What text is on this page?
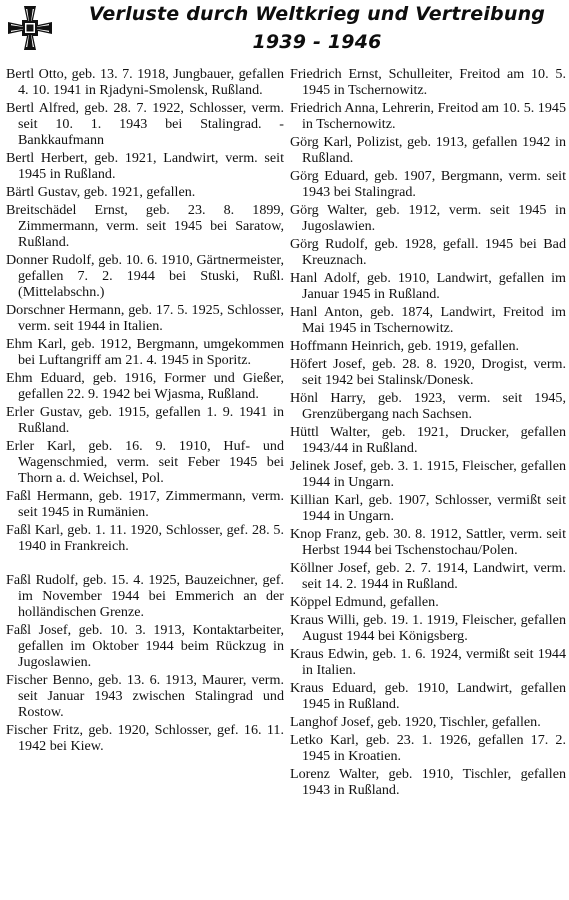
Verluste durch Weltkrieg und Vertreibung
1939 - 1946
Bertl Otto, geb. 13. 7. 1918, Jungbauer, gefallen 4. 10. 1941 in Rjadyni-Smolensk, Rußland.
Bertl Alfred, geb. 28. 7. 1922, Schlosser, verm. seit 10. 1. 1943 bei Stalingrad. -Bankkaufmann
Bertl Herbert, geb. 1921, Landwirt, verm. seit 1945 in Rußland.
Bärtl Gustav, geb. 1921, gefallen.
Breitschädel Ernst, geb. 23. 8. 1899, Zimmermann, verm. seit 1945 bei Saratow, Rußland.
Donner Rudolf, geb. 10. 6. 1910, Gärtnermeister, gefallen 7. 2. 1944 bei Stuski, Rußl. (Mittelabschn.)
Dorschner Hermann, geb. 17. 5. 1925, Schlosser, verm. seit 1944 in Italien.
Ehm Karl, geb. 1912, Bergmann, umgekommen bei Luftangriff am 21. 4. 1945 in Sporitz.
Ehm Eduard, geb. 1916, Former und Gießer, gefallen 22. 9. 1942 bei Wjasma, Rußland.
Erler Gustav, geb. 1915, gefallen 1. 9. 1941 in Rußland.
Erler Karl, geb. 16. 9. 1910, Huf- und Wagenschmied, verm. seit Feber 1945 bei Thorn a. d. Weichsel, Pol.
Faßl Hermann, geb. 1917, Zimmermann, verm. seit 1945 in Rumänien.
Faßl Karl, geb. 1. 11. 1920, Schlosser, gef. 28. 5. 1940 in Frankreich.
Faßl Rudolf, geb. 15. 4. 1925, Bauzeichner, gef. im November 1944 bei Emmerich an der holländischen Grenze.
Faßl Josef, geb. 10. 3. 1913, Kontaktarbeiter, gefallen im Oktober 1944 beim Rückzug in Jugoslawien.
Fischer Benno, geb. 13. 6. 1913, Maurer, verm. seit Januar 1943 zwischen Stalingrad und Rostow.
Fischer Fritz, geb. 1920, Schlosser, gef. 16. 11. 1942 bei Kiew.
Friedrich Ernst, Schulleiter, Freitod am 10. 5. 1945 in Tschernowitz.
Friedrich Anna, Lehrerin, Freitod am 10. 5. 1945 in Tschernowitz.
Görg Karl, Polizist, geb. 1913, gefallen 1942 in Rußland.
Görg Eduard, geb. 1907, Bergmann, verm. seit 1943 bei Stalingrad.
Görg Walter, geb. 1912, verm. seit 1945 in Jugoslawien.
Görg Rudolf, geb. 1928, gefall. 1945 bei Bad Kreuznach.
Hanl Adolf, geb. 1910, Landwirt, gefallen im Januar 1945 in Rußland.
Hanl Anton, geb. 1874, Landwirt, Freitod im Mai 1945 in Tschernowitz.
Hoffmann Heinrich, geb. 1919, gefallen.
Höfert Josef, geb. 28. 8. 1920, Drogist, verm. seit 1942 bei Stalinsk/Donesk.
Hönl Harry, geb. 1923, verm. seit 1945, Grenzübergang nach Sachsen.
Hüttl Walter, geb. 1921, Drucker, gefallen 1943/44 in Rußland.
Jelinek Josef, geb. 3. 1. 1915, Fleischer, gefallen 1944 in Ungarn.
Killian Karl, geb. 1907, Schlosser, vermißt seit 1944 in Ungarn.
Knop Franz, geb. 30. 8. 1912, Sattler, verm. seit Herbst 1944 bei Tschenstochau/Polen.
Köllner Josef, geb. 2. 7. 1914, Landwirt, verm. seit 14. 2. 1944 in Rußland.
Köppel Edmund, gefallen.
Kraus Willi, geb. 19. 1. 1919, Fleischer, gefallen August 1944 bei Königsberg.
Kraus Edwin, geb. 1. 6. 1924, vermißt seit 1944 in Italien.
Kraus Eduard, geb. 1910, Landwirt, gefallen 1945 in Rußland.
Langhof Josef, geb. 1920, Tischler, gefallen.
Letko Karl, geb. 23. 1. 1926, gefallen 17. 2. 1945 in Kroatien.
Lorenz Walter, geb. 1910, Tischler, gefallen 1943 in Rußland.
